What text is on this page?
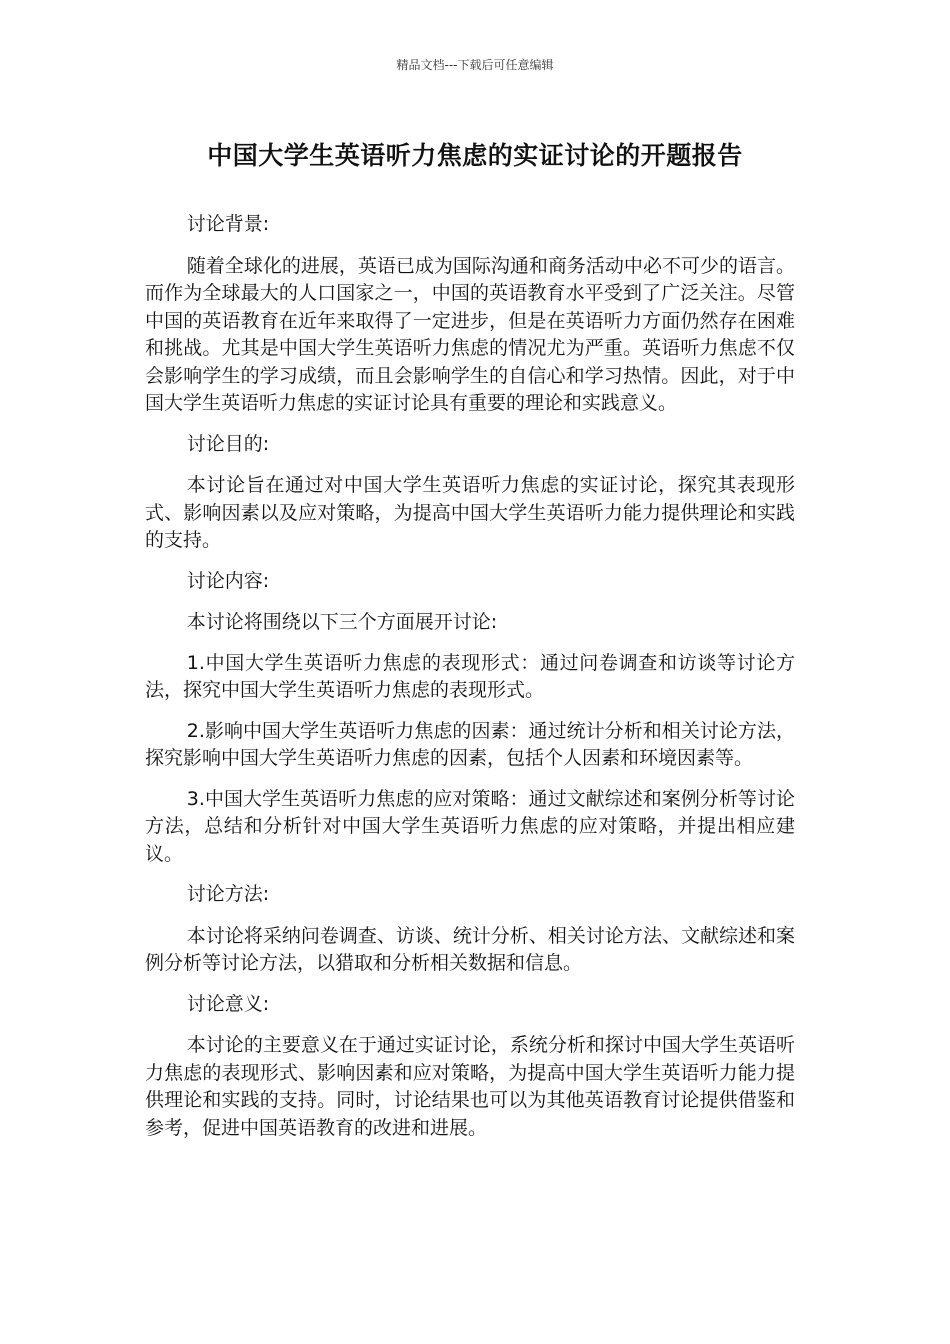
精品文档---下载后可任意编辑
中国大学生英语听力焦虑的实证讨论的开题报告

讨论背景:

随着全球化的进展，英语已成为国际沟通和商务活动中必不可少的语言。而作为全球最大的人口国家之一，中国的英语教育水平受到了广泛关注。尽管中国的英语教育在近年来取得了一定进步，但是在英语听力方面仍然存在困难和挑战。尤其是中国大学生英语听力焦虑的情况尤为严重。英语听力焦虑不仅会影响学生的学习成绩，而且会影响学生的自信心和学习热情。因此，对于中国大学生英语听力焦虑的实证讨论具有重要的理论和实践意义。

讨论目的:

本讨论旨在通过对中国大学生英语听力焦虑的实证讨论，探究其表现形式、影响因素以及应对策略，为提高中国大学生英语听力能力提供理论和实践的支持。

讨论内容:

本讨论将围绕以下三个方面展开讨论:

1.中国大学生英语听力焦虑的表现形式：通过问卷调查和访谈等讨论方法，探究中国大学生英语听力焦虑的表现形式。

2.影响中国大学生英语听力焦虑的因素：通过统计分析和相关讨论方法，探究影响中国大学生英语听力焦虑的因素，包括个人因素和环境因素等。

3.中国大学生英语听力焦虑的应对策略：通过文献综述和案例分析等讨论方法，总结和分析针对中国大学生英语听力焦虑的应对策略，并提出相应建议。

讨论方法:

本讨论将采纳问卷调查、访谈、统计分析、相关讨论方法、文献综述和案例分析等讨论方法，以猎取和分析相关数据和信息。

讨论意义:

本讨论的主要意义在于通过实证讨论，系统分析和探讨中国大学生英语听力焦虑的表现形式、影响因素和应对策略，为提高中国大学生英语听力能力提供理论和实践的支持。同时，讨论结果也可以为其他英语教育讨论提供借鉴和参考，促进中国英语教育的改进和进展。
